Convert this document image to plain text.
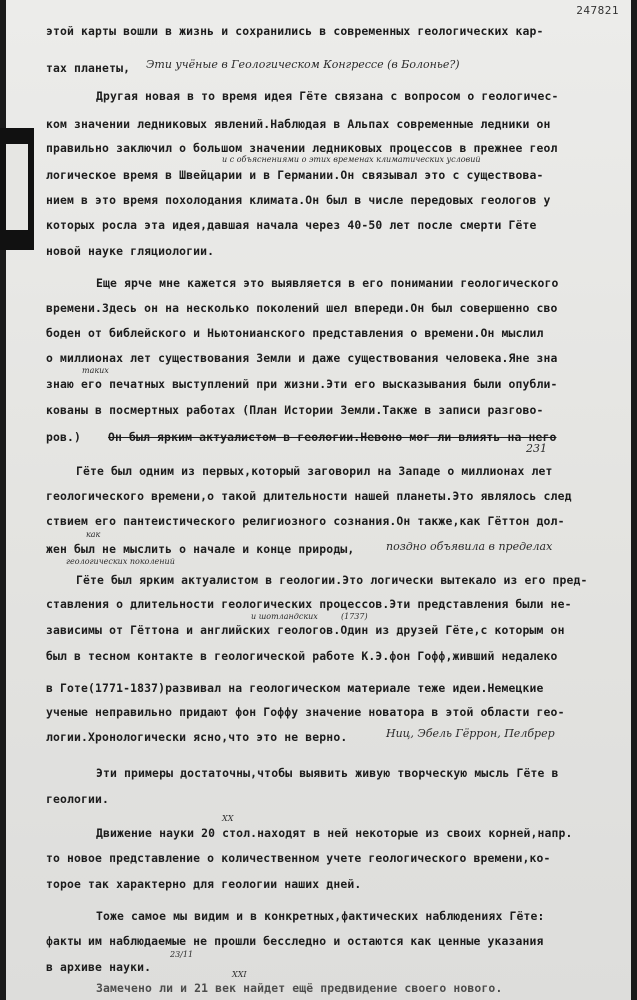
247821
этой карты вошли в жизнь и сохранились в современных геологических кар-
тах планеты, Эти учёные в Геологическом Конгрессе (в Болонье?)
Другая новая в то время идея Гёте связана с вопросом о геологичес-
ком значении ледниковых явлений.Наблюдая в Альпах современные ледники он
правильно заключил о большом значении ледниковых процессов в прежнее геол
и с объяснениями о этих временах климатических условий
логическое время в Швейцарии и в Германии.Он связывал это с существова-
нием в это время похолодания климата.Он был в числе передовых геологов у
которых росла эта идея,давшая начала через 40-50 лет после смерти Гёте
новой науке гляциологии.
Еще ярче мне кажется это выявляется в его понимании геологического
времени.Здесь он на несколько поколений шел впереди.Он был совершенно сво
боден от библейского и Ньютонианского представления о времени.Он мыслил
о миллионах лет существования Земли и даже существования человека.Яне зна
таких
знаю его печатных выступлений при жизни.Эти его высказывания были опубли-
кованы в посмертных работах (План Истории Земли.Также в записи разгово-
ров.) Он был ярким актуалистом в геологии.Невоно мог ли влиять на него
231
Гёте был одним из первых,который заговорил на Западе о миллионах лет
геологического времени,о такой длительности нашей планеты.Это являлось след
ствием его пантеистического религиозного сознания.Он также,как Гёттон дол-
как
жен был не мыслить о начале и конце природы,	поздно объявила в пределах
геологических поколений
Гёте был ярким актуалистом в геологии.Это логически вытекало из его пред-
ставления о длительности геологических процессов.Эти представления были не-
и шотландских	(1737)
зависимы от Гёттона и английских геологов.Один из друзей Гёте,с которым он
был в тесном контакте в геологической работе К.Э.фон Гофф,живший недалеко
в Готе(1771-1837)развивал на геологическом материале теже идеи.Немецкие
ученые неправильно придают фон Гоффу значение новатора в этой области гео-
логии.Хронологически ясно,что это не верно.	Ниц, Эбель Гёррон, Пелбрер
Эти примеры достаточны,чтобы выявить живую творческую мысль Гёте в
геологии.
XX
Движение науки 20 стол.находят в ней некоторые из своих корней,напр.
то новое представление о количественном учете геологического времени,ко-
торое так характерно для геологии наших дней.
Тоже самое мы видим и в конкретных,фактических наблюдениях Гёте:
факты им наблюдаемые не прошли бесследно и остаются как ценные указания
23/11
в архиве науки.
XXI
Замечено ли и 21 век найдет ещё предвидение своего нового.
